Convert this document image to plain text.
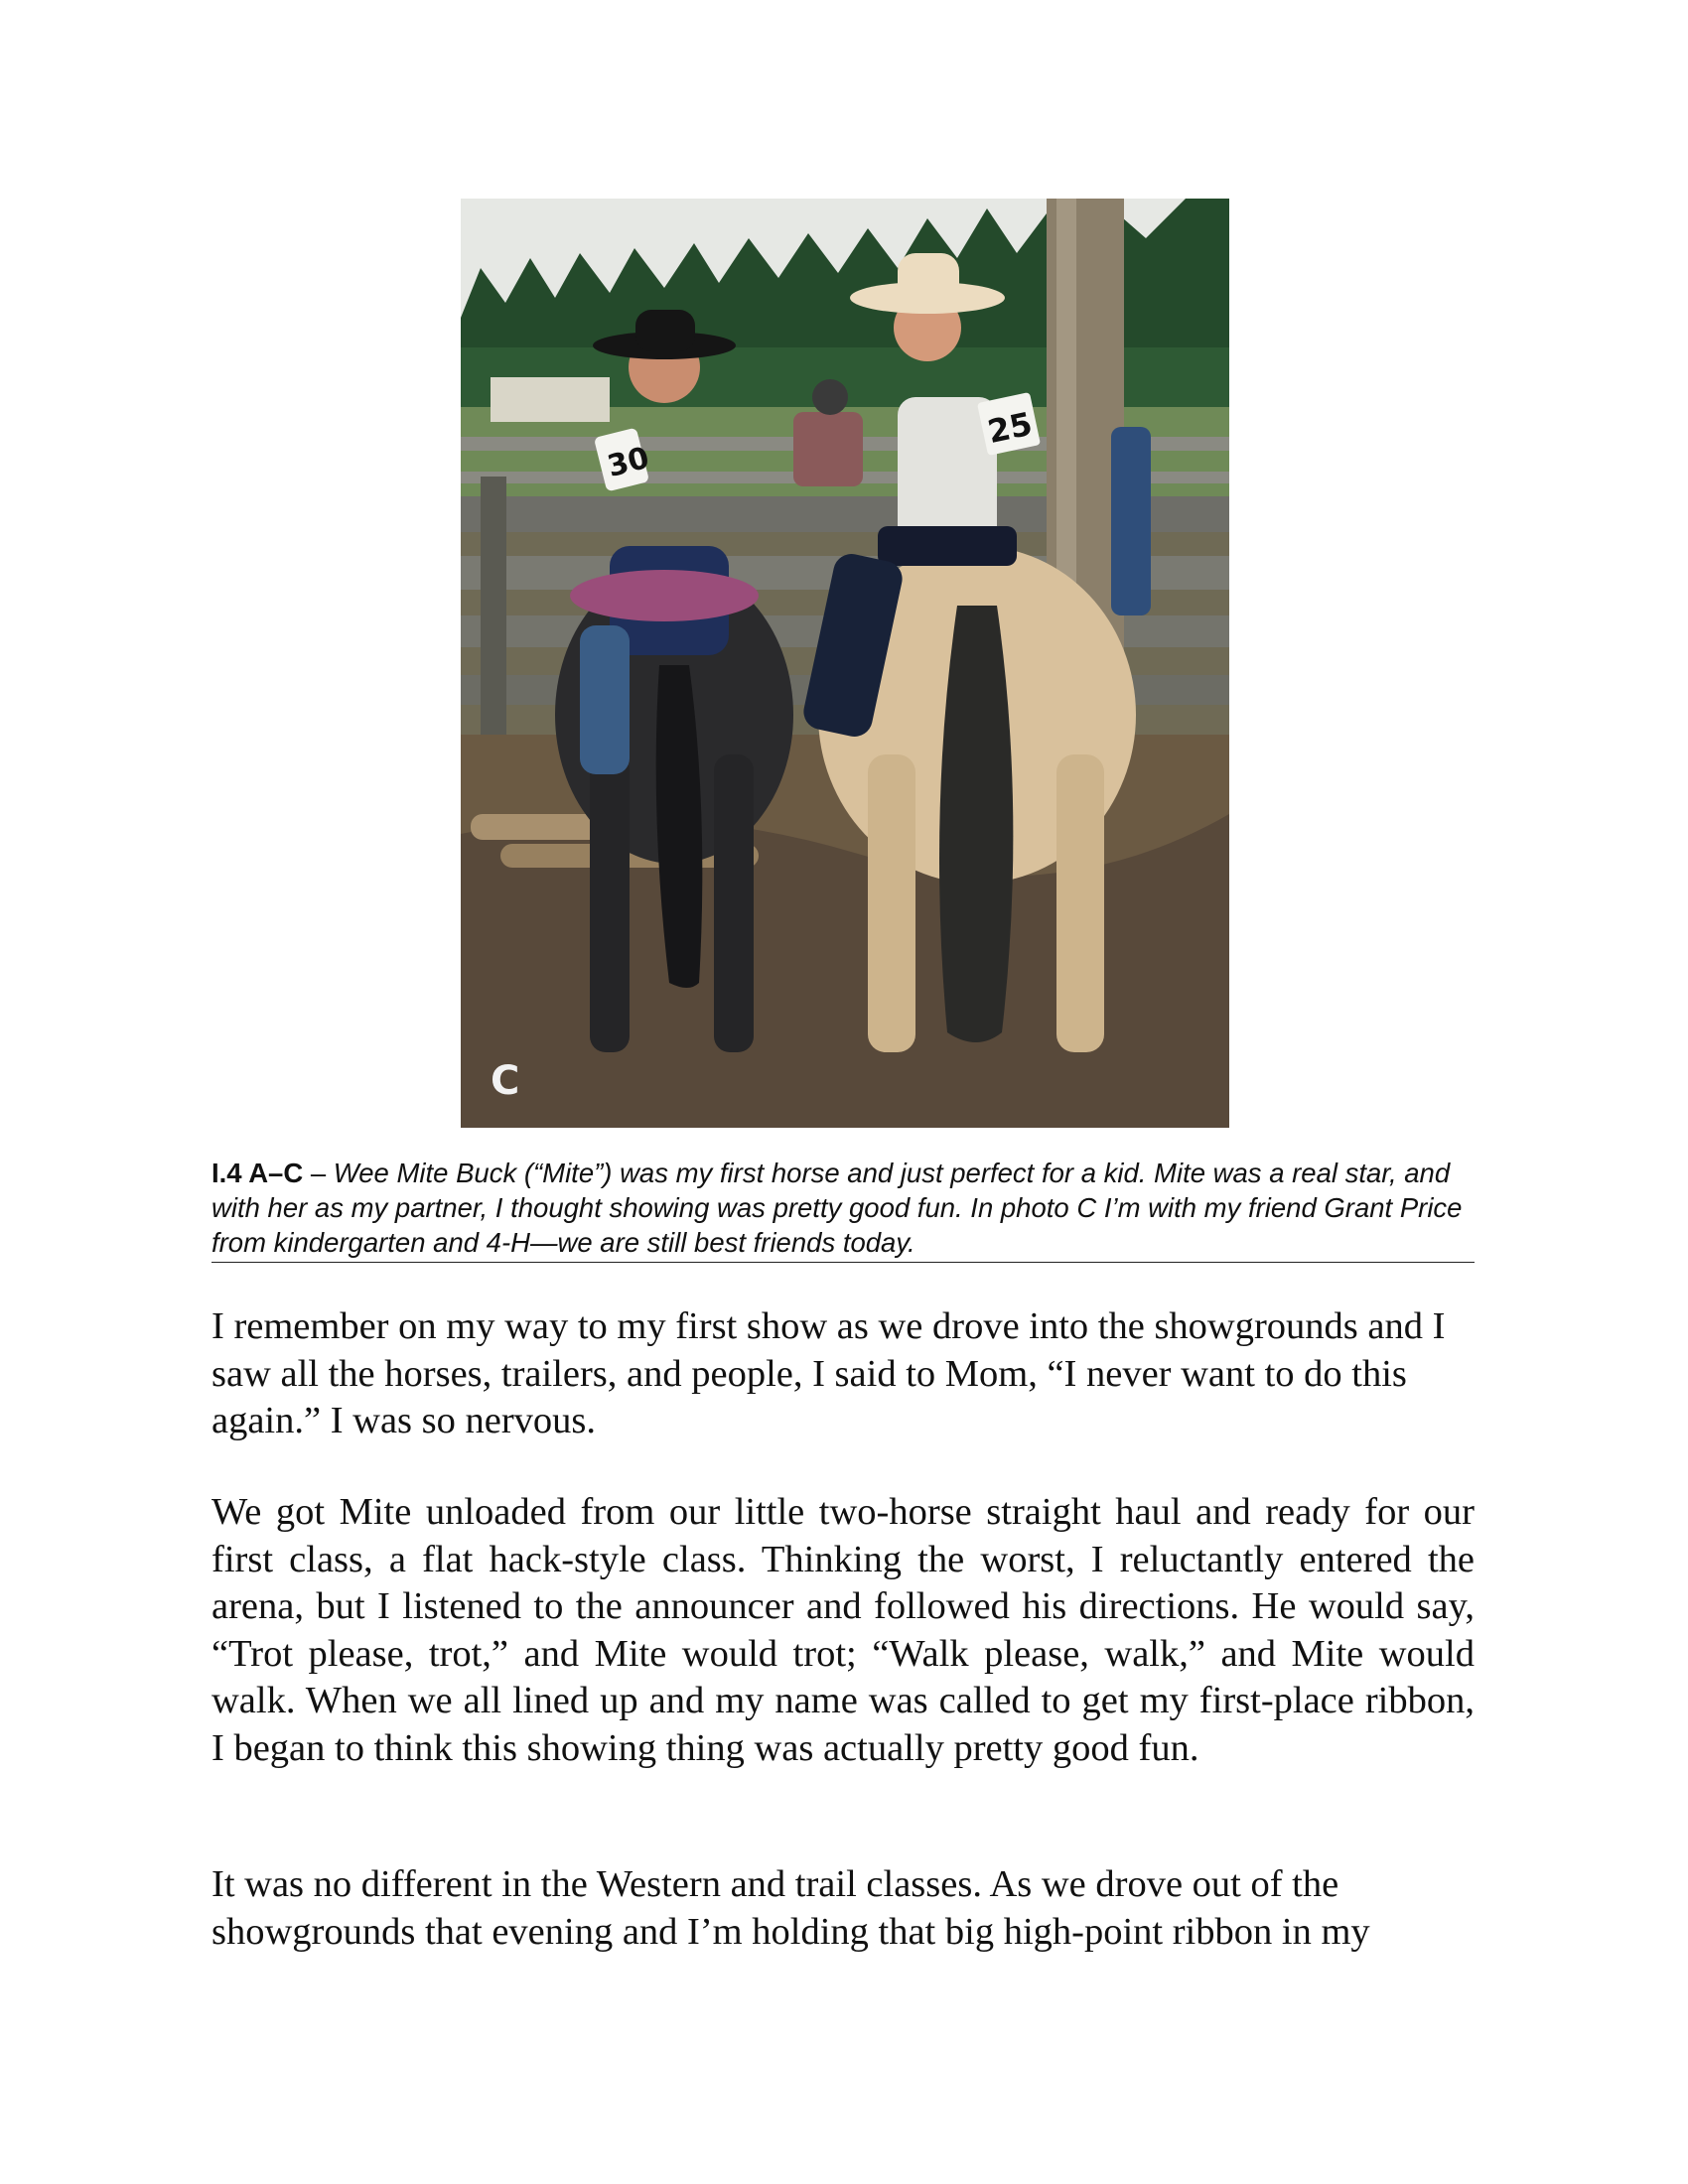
30
25
C
I.4 A–C – Wee Mite Buck (“Mite”) was my first horse and just perfect for a kid. Mite was a real star, and with her as my partner, I thought showing was pretty good fun. In photo C I’m with my friend Grant Price from kindergarten and 4-H—we are still best friends today.

I remember on my way to my first show as we drove into the showgrounds and I saw all the horses, trailers, and people, I said to Mom, “I never want to do this again.” I was so nervous.

We got Mite unloaded from our little two-horse straight haul and ready for our first class, a flat hack-style class. Thinking the worst, I reluctantly entered the arena, but I listened to the announcer and followed his directions. He would say, “Trot please, trot,” and Mite would trot; “Walk please, walk,” and Mite would walk. When we all lined up and my name was called to get my first-place ribbon, I began to think this showing thing was actually pretty good fun.

It was no different in the Western and trail classes. As we drove out of the showgrounds that evening and I’m holding that big high-point ribbon in my
